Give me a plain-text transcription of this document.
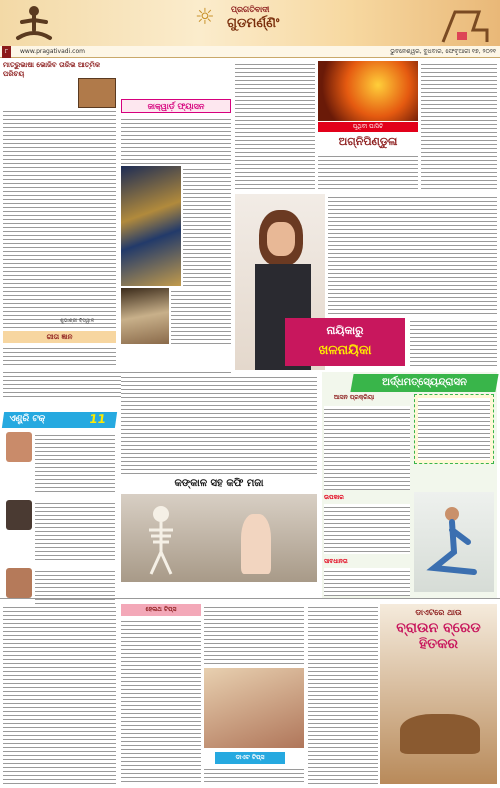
☼ ପ୍ରଗତିବାଦୀ
ଗୁଡମର୍ଣ୍ଣିଂ
୮	www.pragativadi.com	ଭୁବନେଶ୍ୱର, ବୁଧବାର, ଫେବୃଆରୀ ୧୭, ୨୦୨୧
ମାତ୍ରୁଭାଷା ଭୋଜିବ ତାରିଭ ଆତ୍ମିକ ପରିଚୟ
ଶୁଭାଶ୍ରୀ ବିସ୍ୱାଳ
ଜାକ୍ୱାର୍ଡ଼ ଫ୍ୟାସନ
ପୃଥିବୀ ଘାସିଚି
ଅଗ୍ନିପିଣ୍ଡୁଳା
ନାୟିକାରୁ
ଖଳନାୟିକା
ଗୀତା ଜ୍ଞାନ
ଏଣ୍ଟ୍ରି ଟକ୍	11
କଙ୍କାଳ ସହ କଫି ମଜା
ଅର୍ଦ୍ଧମତ୍ସ୍ୟେନ୍ଦ୍ରାସନ
ଆସନ ପ୍ରକ୍ରିୟା
ଉପକାର
ସାବଧାନତା
ହେଲଥ ଟିପ୍ସ
ଡାଏଟ ଟିପ୍ସ
ଡାଏଟରେ ଥାଉ
ବ୍ରାଉନ ବ୍ରେଡ
ହିତକର
